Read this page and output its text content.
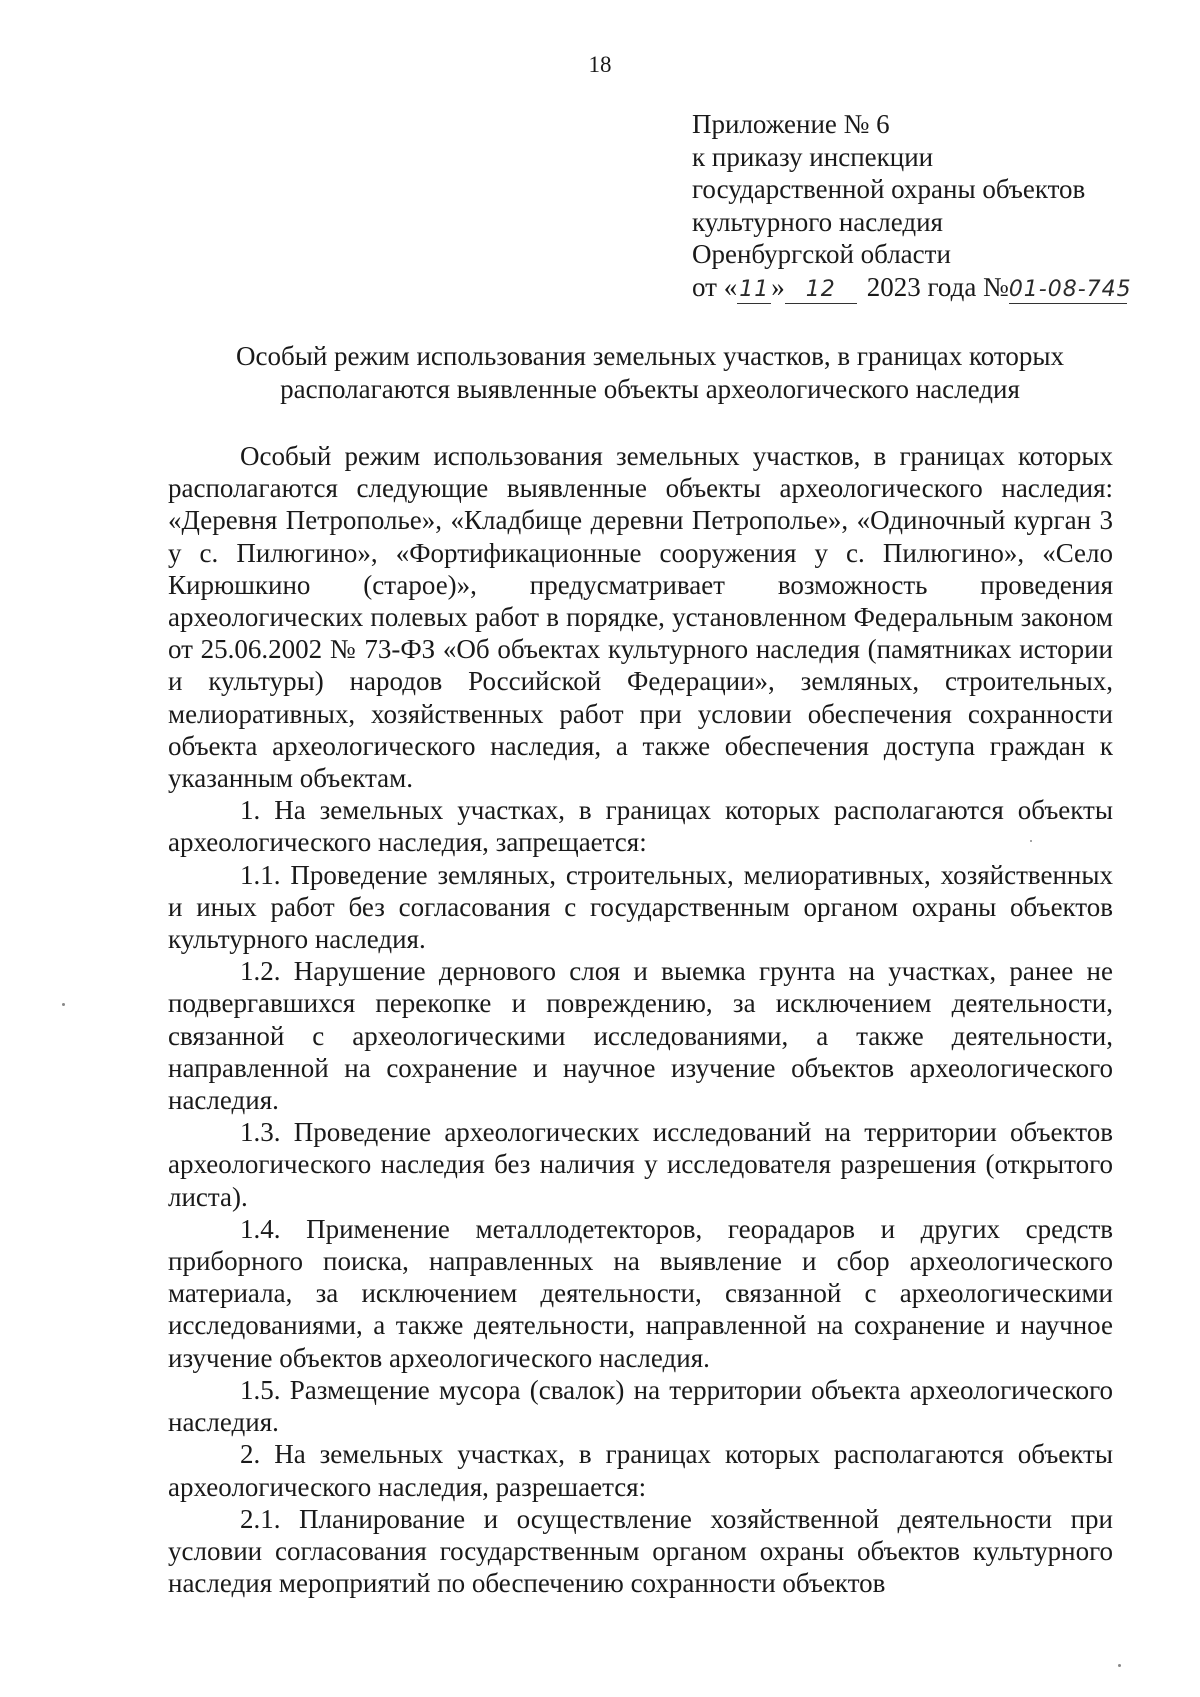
18
Приложение № 6
к приказу инспекции
государственной охраны объектов
культурного наследия
Оренбургской области
от «11» 12 2023 года №01-08-745
Особый режим использования земельных участков, в границах которых
располагаются выявленные объекты археологического наследия

Особый режим использования земельных участков, в границах которых располагаются следующие выявленные объекты археологического наследия: «Деревня Петрополье», «Кладбище деревни Петрополье», «Одиночный курган 3 у с. Пилюгино», «Фортификационные сооружения у с. Пилюгино», «Село Кирюшкино (старое)», предусматривает возможность проведения археологических полевых работ в порядке, установленном Федеральным законом от 25.06.2002 № 73-ФЗ «Об объектах культурного наследия (памятниках истории и культуры) народов Российской Федерации», земляных, строительных, мелиоративных, хозяйственных работ при условии обеспечения сохранности объекта археологического наследия, а также обеспечения доступа граждан к указанным объектам.

1. На земельных участках, в границах которых располагаются объекты археологического наследия, запрещается:

1.1. Проведение земляных, строительных, мелиоративных, хозяйственных и иных работ без согласования с государственным органом охраны объектов культурного наследия.

1.2. Нарушение дернового слоя и выемка грунта на участках, ранее не подвергавшихся перекопке и повреждению, за исключением деятельности, связанной с археологическими исследованиями, а также деятельности, направленной на сохранение и научное изучение объектов археологического наследия.

1.3. Проведение археологических исследований на территории объектов археологического наследия без наличия у исследователя разрешения (открытого листа).

1.4. Применение металлодетекторов, георадаров и других средств приборного поиска, направленных на выявление и сбор археологического материала, за исключением деятельности, связанной с археологическими исследованиями, а также деятельности, направленной на сохранение и научное изучение объектов археологического наследия.

1.5. Размещение мусора (свалок) на территории объекта археологического наследия.

2. На земельных участках, в границах которых располагаются объекты археологического наследия, разрешается:

2.1. Планирование и осуществление хозяйственной деятельности при условии согласования государственным органом охраны объектов культурного наследия мероприятий по обеспечению сохранности объектов
